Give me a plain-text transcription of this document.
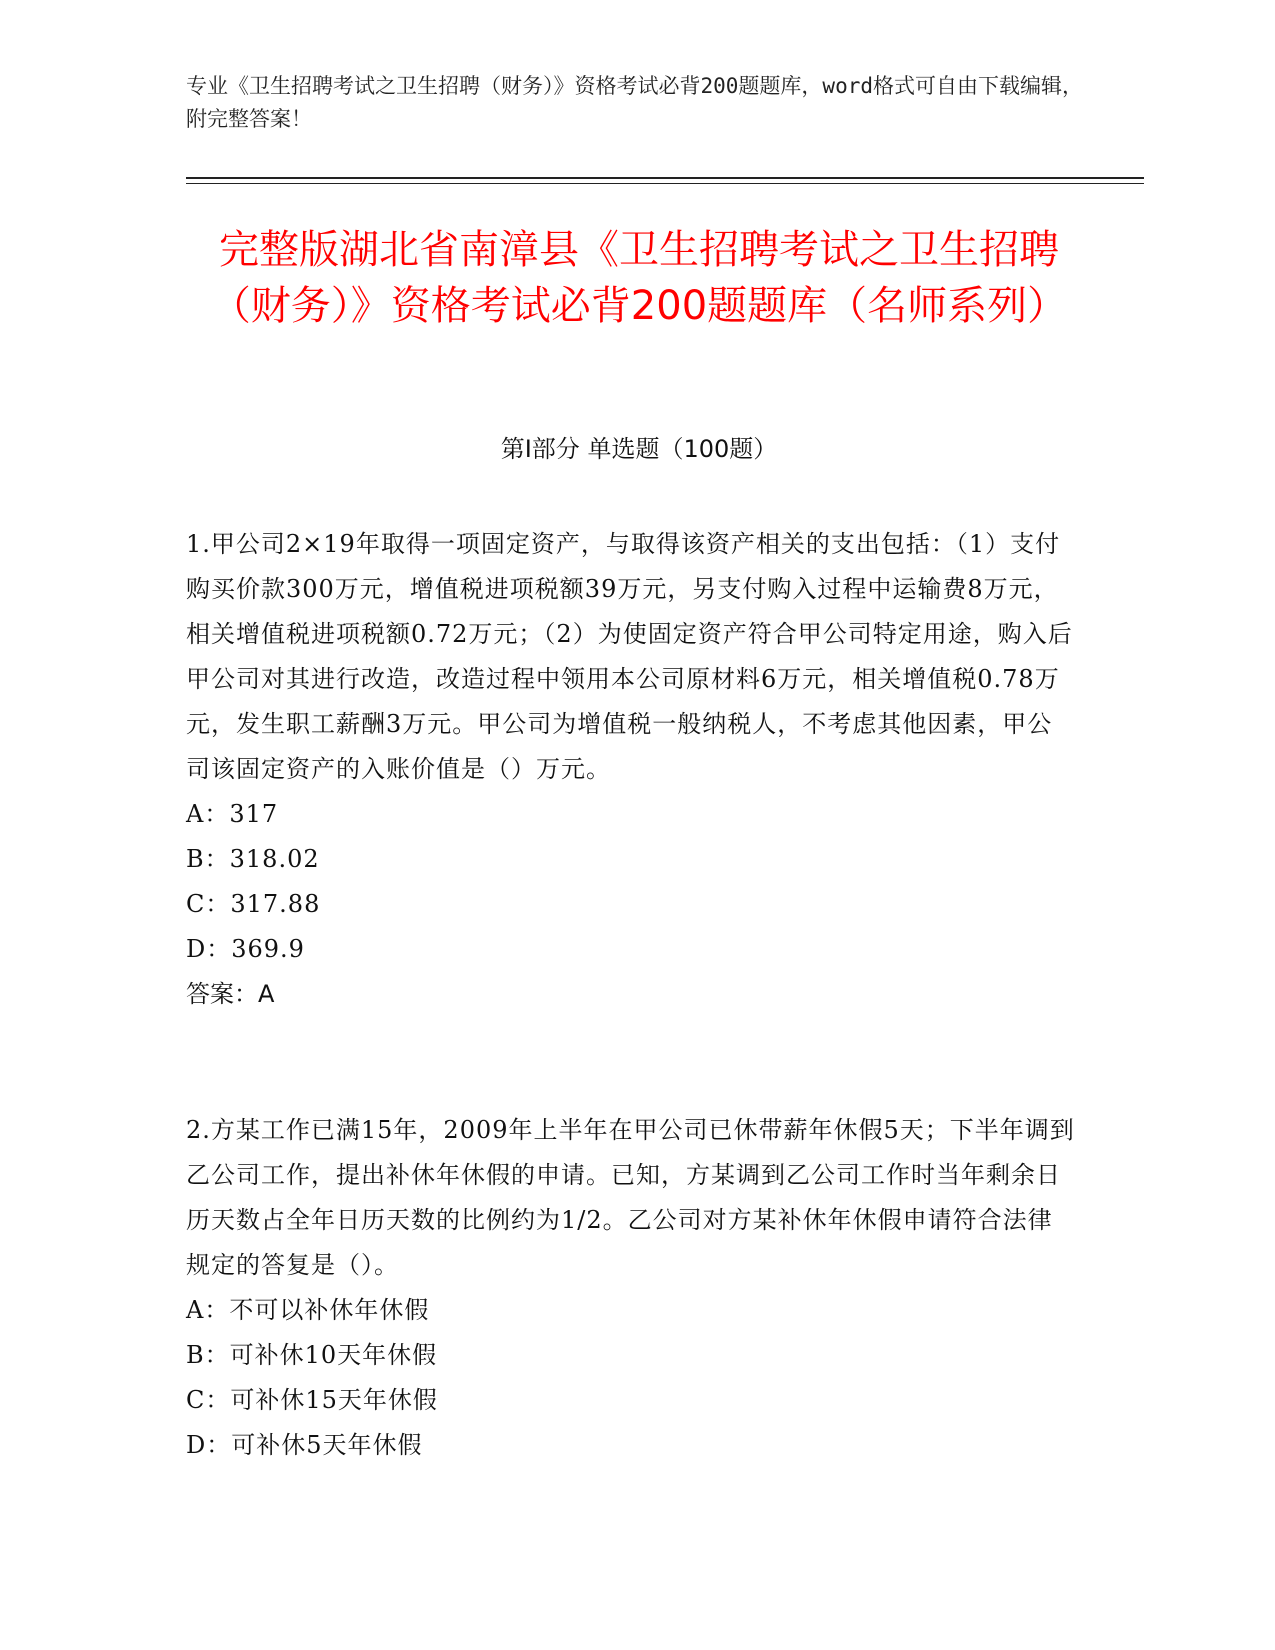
专业《卫生招聘考试之卫生招聘（财务）》资格考试必背200题题库，word格式可自由下载编辑，附完整答案！
完整版湖北省南漳县《卫生招聘考试之卫生招聘（财务）》资格考试必背200题题库（名师系列）
第Ⅰ部分 单选题（100题）

1.甲公司2×19年取得一项固定资产，与取得该资产相关的支出包括：（1）支付购买价款300万元，增值税进项税额39万元，另支付购入过程中运输费8万元，相关增值税进项税额0.72万元；（2）为使固定资产符合甲公司特定用途，购入后甲公司对其进行改造，改造过程中领用本公司原材料6万元，相关增值税0.78万元，发生职工薪酬3万元。甲公司为增值税一般纳税人，不考虑其他因素，甲公司该固定资产的入账价值是（）万元。

A：317

B：318.02

C：317.88

D：369.9

答案：A

2.方某工作已满15年，2009年上半年在甲公司已休带薪年休假5天；下半年调到乙公司工作，提出补休年休假的申请。已知，方某调到乙公司工作时当年剩余日历天数占全年日历天数的比例约为1/2。乙公司对方某补休年休假申请符合法律规定的答复是（）。

A：不可以补休年休假

B：可补休10天年休假

C：可补休15天年休假

D：可补休5天年休假
